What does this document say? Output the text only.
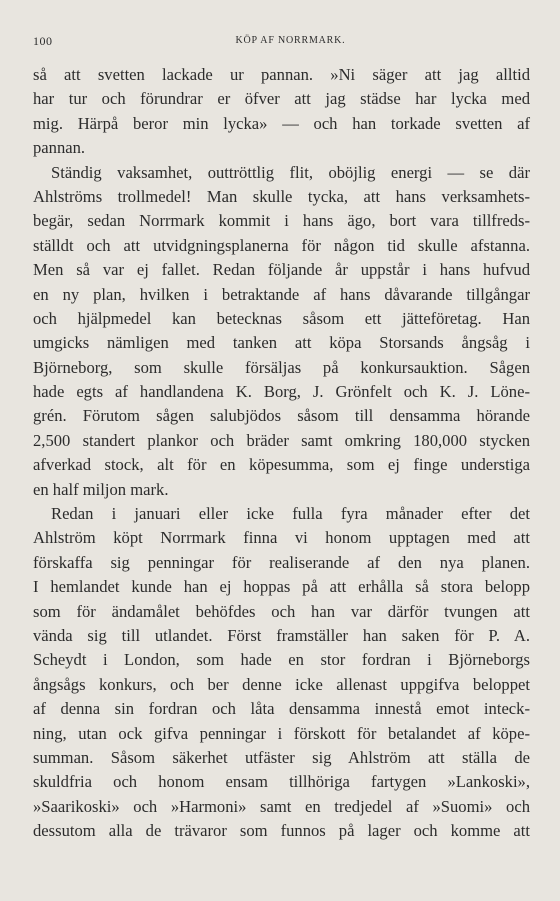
100	KÖP AF NORRMARK.
så att svetten lackade ur pannan. »Ni säger att jag alltid
har tur och förundrar er öfver att jag städse har lycka med
mig. Härpå beror min lycka» — och han torkade svetten af
pannan.
Ständig vaksamhet, outtröttlig flit, oböjlig energi — se där
Ahlströms trollmedel! Man skulle tycka, att hans verksamhets-
begär, sedan Norrmark kommit i hans ägo, bort vara tillfreds-
ställdt och att utvidgningsplanerna för någon tid skulle afstanna.
Men så var ej fallet. Redan följande år uppstår i hans hufvud
en ny plan, hvilken i betraktande af hans dåvarande tillgångar
och hjälpmedel kan betecknas såsom ett jätteföretag. Han
umgicks nämligen med tanken att köpa Storsands ångsåg i
Björneborg, som skulle försäljas på konkursauktion. Sågen
hade egts af handlandena K. Borg, J. Grönfelt och K. J. Löne-
grén. Förutom sågen salubjödos såsom till densamma hörande
2,500 standert plankor och bräder samt omkring 180,000 stycken
afverkad stock, alt för en köpesumma, som ej finge understiga
en half miljon mark.
Redan i januari eller icke fulla fyra månader efter det
Ahlström köpt Norrmark finna vi honom upptagen med att
förskaffa sig penningar för realiserande af den nya planen.
I hemlandet kunde han ej hoppas på att erhålla så stora belopp
som för ändamålet behöfdes och han var därför tvungen att
vända sig till utlandet. Först framställer han saken för P. A.
Scheydt i London, som hade en stor fordran i Björneborgs
ångsågs konkurs, och ber denne icke allenast uppgifva beloppet
af denna sin fordran och låta densamma innestå emot inteck-
ning, utan ock gifva penningar i förskott för betalandet af köpe-
summan. Såsom säkerhet utfäster sig Ahlström att ställa de
skuldfria och honom ensam tillhöriga fartygen »Lankoski»,
»Saarikoski» och »Harmoni» samt en tredjedel af »Suomi» och
dessutom alla de trävaror som funnos på lager och komme att
